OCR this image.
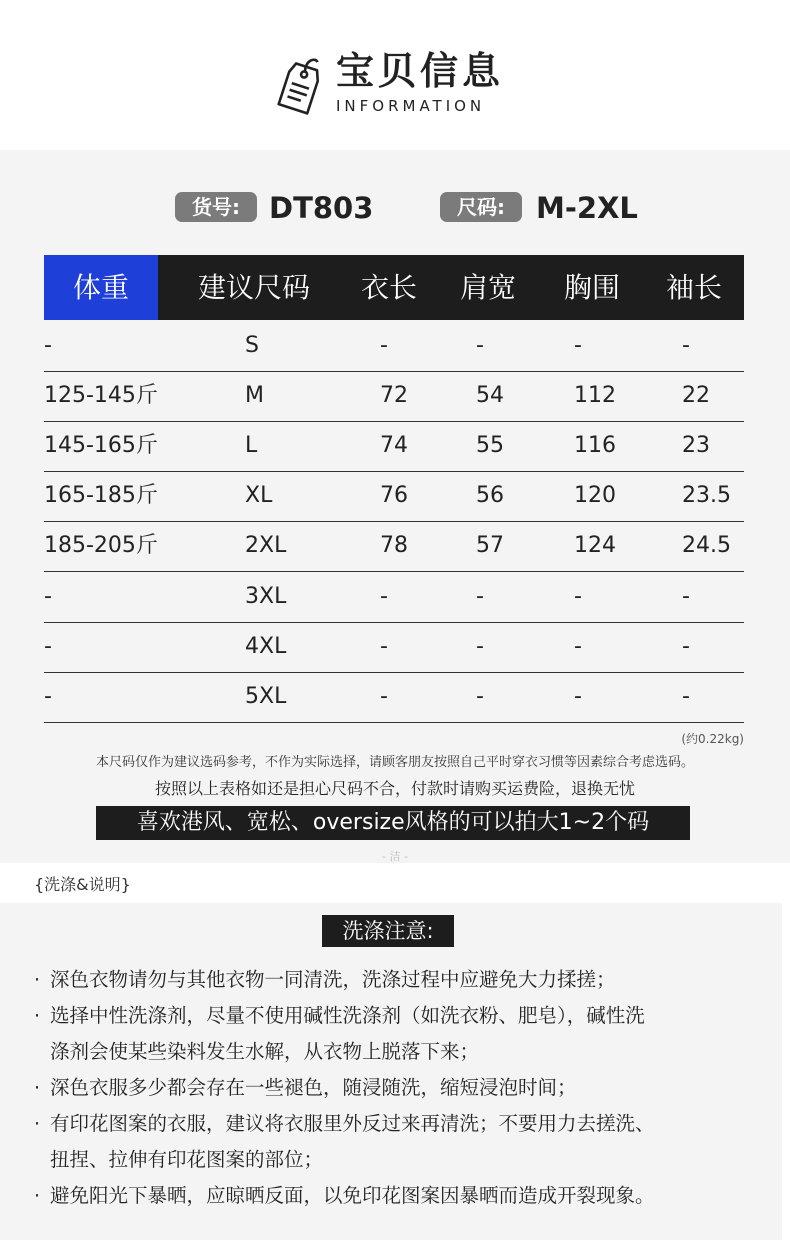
宝贝信息
INFORMATION
货号:	DT803	尺码:	M-2XL
体重	建议尺码 衣长 肩宽 胸围 袖长
-	S	-	-	-	-
125-145斤	M	72	54	112	22
145-165斤	L	74	55	116	23
165-185斤	XL	76	56	120	23.5
185-205斤	2XL	78	57	124	24.5
-	3XL	-	-	-	-
-	4XL	-	-	-	-
-	5XL	-	-	-	-
(约0.22kg)
本尺码仅作为建议选码参考，不作为实际选择，请顾客朋友按照自己平时穿衣习惯等因素综合考虑选码。
按照以上表格如还是担心尺码不合，付款时请购买运费险，退换无忧
喜欢港风、宽松、oversize风格的可以拍大1~2个码
- 洁 -
{洗涤&说明}
洗涤注意:
· 深色衣物请勿与其他衣物一同清洗，洗涤过程中应避免大力揉搓；
· 选择中性洗涤剂，尽量不使用碱性洗涤剂（如洗衣粉、肥皂），碱性洗
涤剂会使某些染料发生水解，从衣物上脱落下来；
· 深色衣服多少都会存在一些褪色，随浸随洗，缩短浸泡时间；
· 有印花图案的衣服，建议将衣服里外反过来再清洗；不要用力去搓洗、
扭捏、拉伸有印花图案的部位；
· 避免阳光下暴晒，应晾晒反面，以免印花图案因暴晒而造成开裂现象。
